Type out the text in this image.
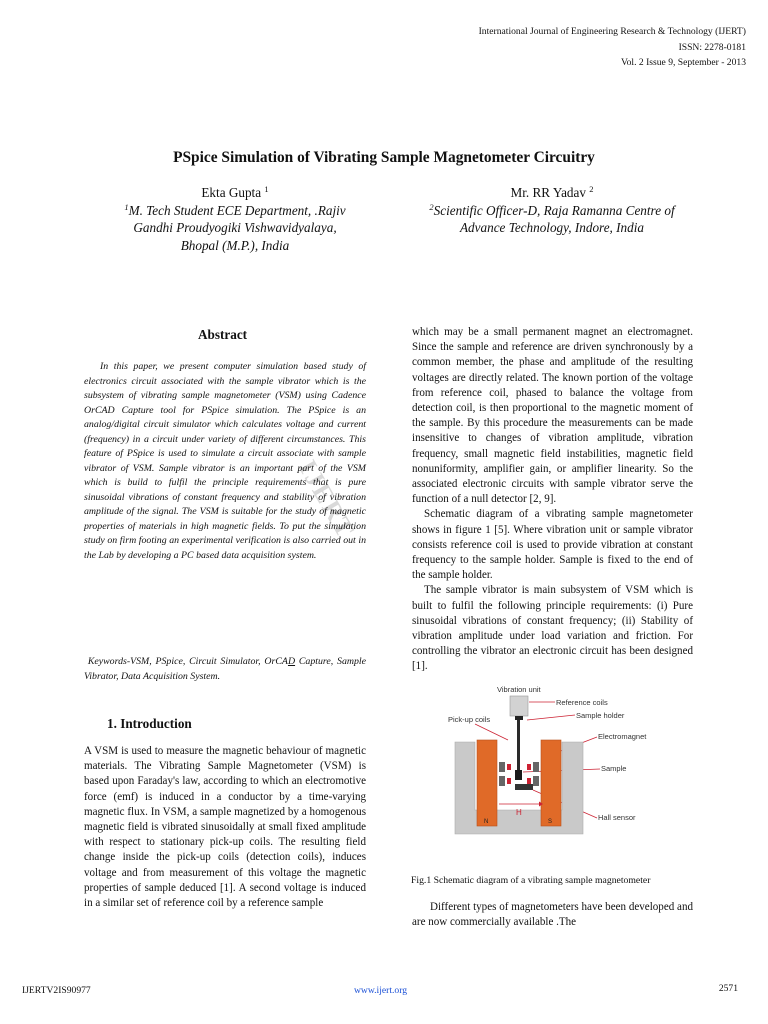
International Journal of Engineering Research & Technology (IJERT)
ISSN: 2278-0181
Vol. 2 Issue 9, September - 2013
PSpice Simulation of Vibrating Sample Magnetometer Circuitry
Ekta Gupta $^1$
$^1$M. Tech Student ECE Department, .Rajiv
Gandhi Proudyogiki Vishwavidyalaya,
Bhopal (M.P.), India
Mr. RR Yadav $^2$
$^2$Scientific Officer-D, Raja Ramanna Centre of
Advance Technology, Indore, India
IJERT
Abstract
In this paper, we present computer simulation based study of electronics circuit associated with the sample vibrator which is the subsystem of vibrating sample magnetometer (VSM) using Cadence OrCAD Capture tool for PSpice simulation. The PSpice is an analog/digital circuit simulator which calculates voltage and current (frequency) in a circuit under variety of different circumstances. This feature of PSpice is used to simulate a circuit associate with sample vibrator of VSM. Sample vibrator is an important part of the VSM which is build to fulfil the principle requirements that is pure sinusoidal vibrations of constant frequency and stability of vibration amplitude of the signal. The VSM is suitable for the study of magnetic properties of materials in high magnetic fields. To put the simulation study on firm footing an experimental verification is also carried out in the Lab by developing a PC based data acquisition system.
Keywords-VSM, PSpice, Circuit Simulator, OrCAD Capture, Sample Vibrator, Data Acquisition System.
1. Introduction
A VSM is used to measure the magnetic behaviour of magnetic materials. The Vibrating Sample Magnetometer (VSM) is based upon Faraday's law, according to which an electromotive force (emf) is induced in a conductor by a time-varying magnetic flux. In VSM, a sample magnetized by a homogenous magnetic field is vibrated sinusoidally at small fixed amplitude with respect to stationary pick-up coils. The resulting field change inside the pick-up coils (detection coils), induces voltage and from measurement of this voltage the magnetic properties of sample deduced [1]. A second voltage is induced in a similar set of reference coil by a reference sample

which may be a small permanent magnet an electromagnet. Since the sample and reference are driven synchronously by a common member, the phase and amplitude of the resulting voltages are directly related. The known portion of the voltage from reference coil, phased to balance the voltage from detection coil, is then proportional to the magnetic moment of the sample. By this procedure the measurements can be made insensitive to changes of vibration amplitude, vibration frequency, small magnetic field instabilities, magnetic field nonuniformity, amplifier gain, or amplifier linearity. So the associated electronic circuits with sample vibrator serve the function of a null detector [2, 9].

Schematic diagram of a vibrating sample magnetometer shows in figure 1 [5]. Where vibration unit or sample vibrator consists reference coil is used to provide vibration at constant frequency to the sample holder. Sample is fixed to the end of the sample holder.

The sample vibrator is main subsystem of VSM which is built to fulfil the following principle requirements: (i) Pure sinusoidal vibrations of constant frequency; (ii) Stability of vibration amplitude under load variation and friction. For controlling the vibrator an electronic circuit has been designed [1].

Vibration unit
Reference coils
Sample holder
Pick-up coils
Electromagnet
Sample
Hall sensor
N	S
H
Fig.1 Schematic diagram of a vibrating sample magnetometer

Different types of magnetometers have been developed and are now commercially available .The

IJERTV2IS90977	www.ijert.org	2571
